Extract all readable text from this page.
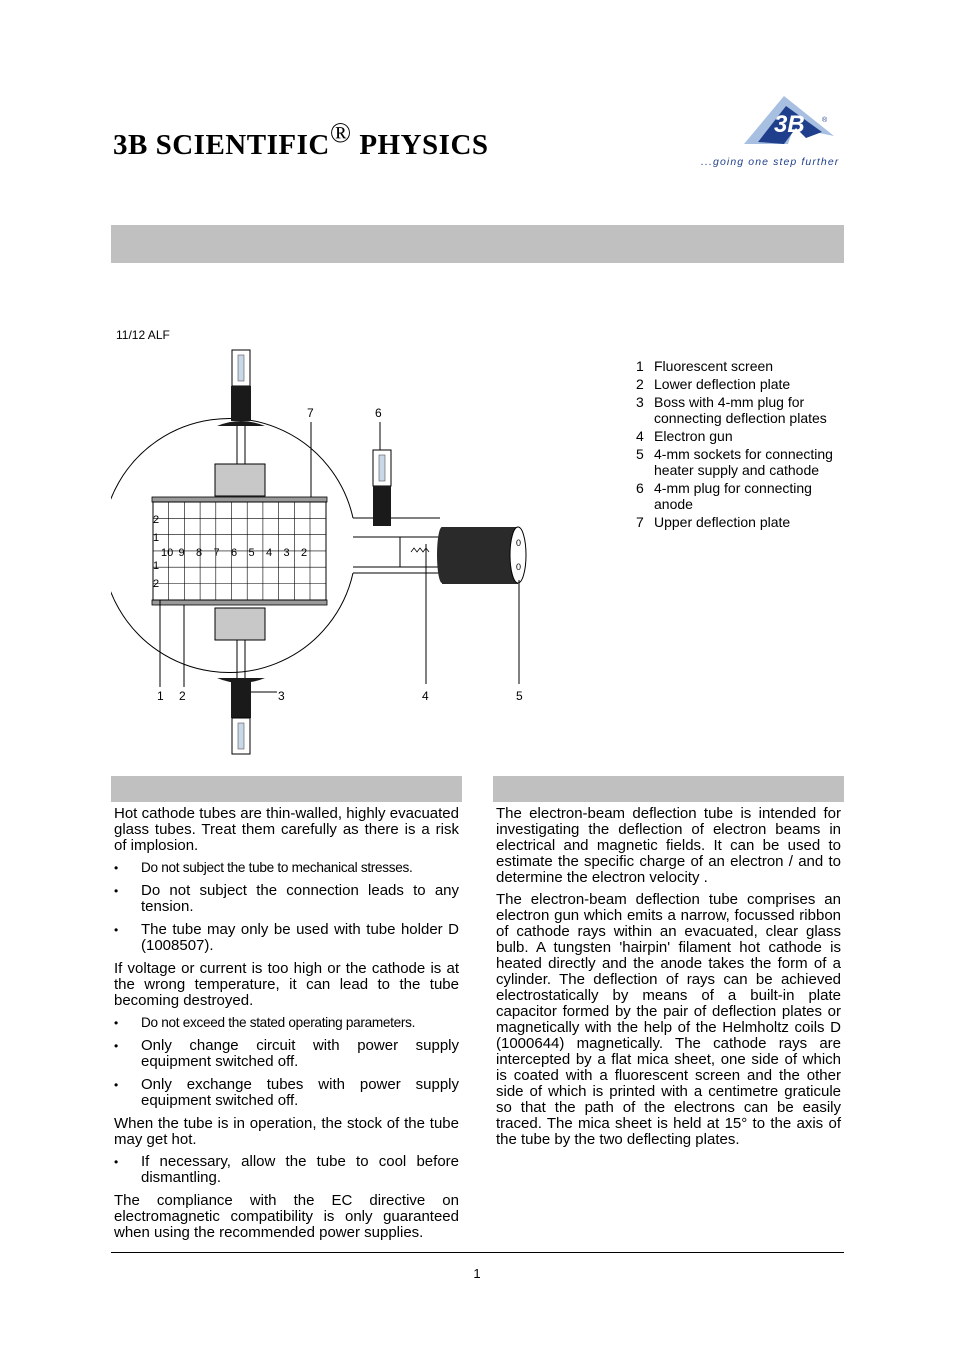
3B SCIENTIFIC® PHYSICS
3B ®
...going one step further
11/12 ALF
0
0
2
1
1
2
10 9 8 7 6 5 4 3 2
1 2	3	4	5
6
7
1 Fluorescent screen
2 Lower deflection plate
3 Boss with 4-mm plug for connecting deflection plates
4 Electron gun
5 4-mm sockets for connecting heater supply and cathode
6 4-mm plug for connecting anode
7 Upper deflection plate

Hot cathode tubes are thin-walled, highly evacuated glass tubes. Treat them carefully as there is a risk of implosion.

•	Do not subject the tube to mechanical stresses.
•	Do not subject the connection leads to any tension.
•	The tube may only be used with tube holder D (1008507).

If voltage or current is too high or the cathode is at the wrong temperature, it can lead to the tube becoming destroyed.

•	Do not exceed the stated operating parameters.
•	Only change circuit with power supply equipment switched off.
•	Only exchange tubes with power supply equipment switched off.

When the tube is in operation, the stock of the tube may get hot.

•	If necessary, allow the tube to cool before dismantling.

The compliance with the EC directive on electromagnetic compatibility is only guaranteed when using the recommended power supplies.

The electron-beam deflection tube is intended for investigating the deflection of electron beams in electrical and magnetic fields. It can be used to estimate the specific charge of an electron / and to determine the electron velocity .

The electron-beam deflection tube comprises an electron gun which emits a narrow, focussed ribbon of cathode rays within an evacuated, clear glass bulb. A tungsten 'hairpin' filament hot cathode is heated directly and the anode takes the form of a cylinder. The deflection of rays can be achieved electrostatically by means of a built-in plate capacitor formed by the pair of deflection plates or magnetically with the help of the Helmholtz coils D (1000644) magnetically. The cathode rays are intercepted by a flat mica sheet, one side of which is coated with a fluorescent screen and the other side of which is printed with a centimetre graticule so that the path of the electrons can be easily traced. The mica sheet is held at 15° to the axis of the tube by the two deflecting plates.

1
